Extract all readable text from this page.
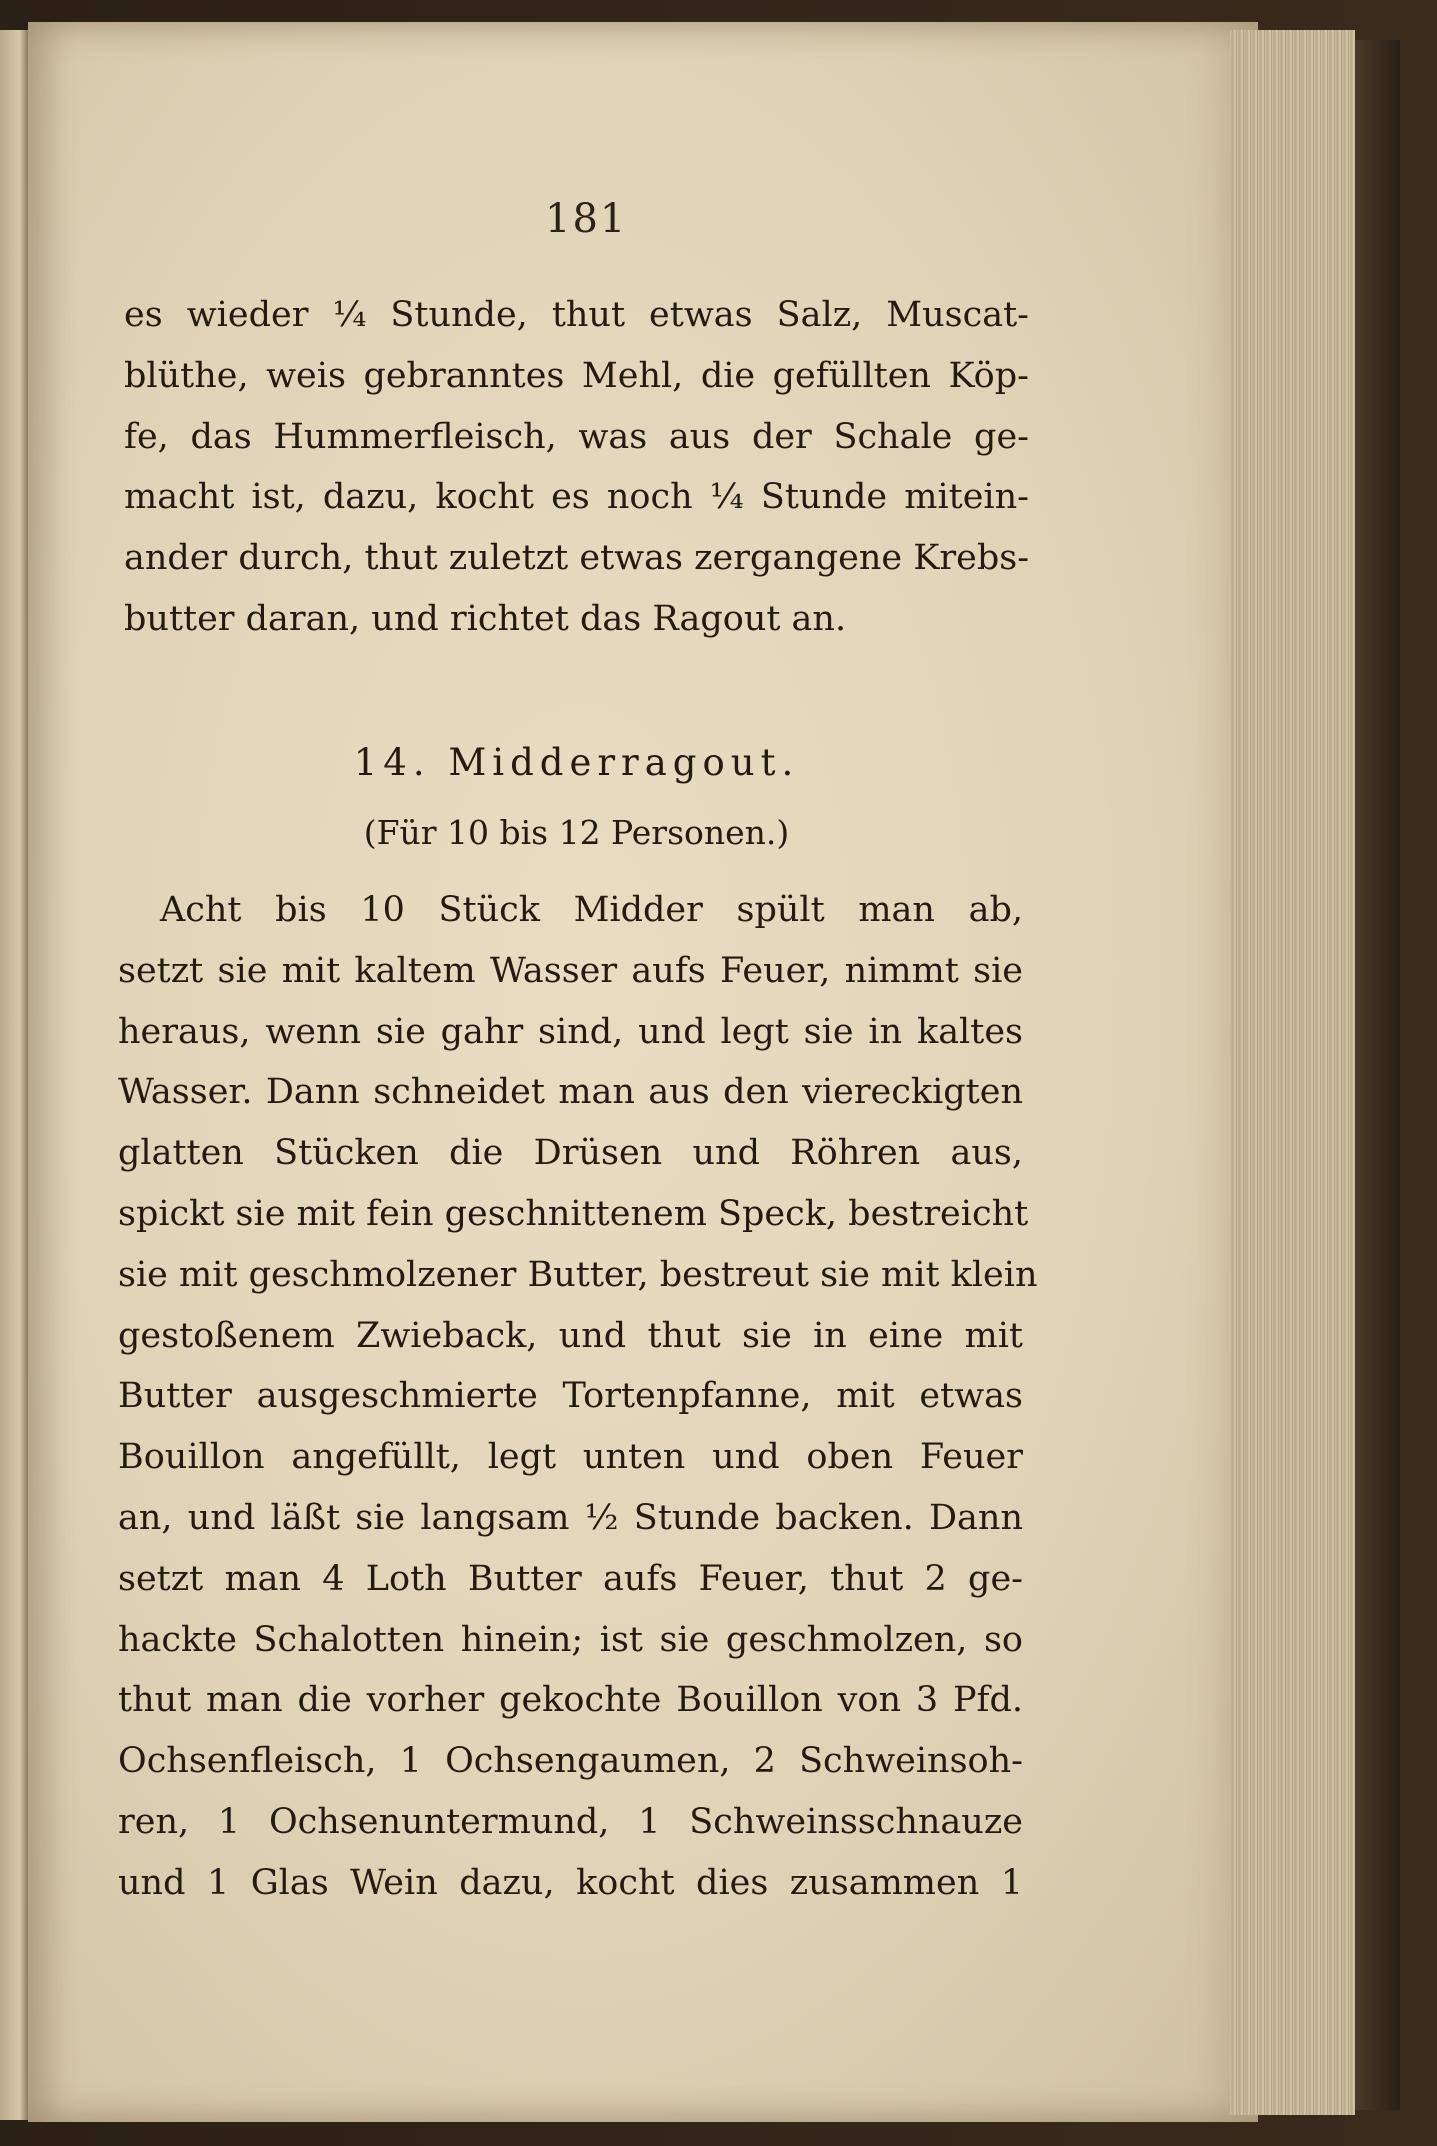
181
es wieder ¼ Stunde, thut etwas Salz, Muscat-
blüthe, weis gebranntes Mehl, die gefüllten Köp-
fe, das Hummerfleisch, was aus der Schale ge-
macht ist, dazu, kocht es noch ¼ Stunde mitein-
ander durch, thut zuletzt etwas zergangene Krebs-
butter daran, und richtet das Ragout an.
14. Midderragout.
(Für 10 bis 12 Personen.)
Acht bis 10 Stück Midder spült man ab,
setzt sie mit kaltem Wasser aufs Feuer, nimmt sie
heraus, wenn sie gahr sind, und legt sie in kaltes
Wasser. Dann schneidet man aus den viereckigten
glatten Stücken die Drüsen und Röhren aus,
spickt sie mit fein geschnittenem Speck, bestreicht
sie mit geschmolzener Butter, bestreut sie mit klein
gestoßenem Zwieback, und thut sie in eine mit
Butter ausgeschmierte Tortenpfanne, mit etwas
Bouillon angefüllt, legt unten und oben Feuer
an, und läßt sie langsam ½ Stunde backen. Dann
setzt man 4 Loth Butter aufs Feuer, thut 2 ge-
hackte Schalotten hinein; ist sie geschmolzen, so
thut man die vorher gekochte Bouillon von 3 Pfd.
Ochsenfleisch, 1 Ochsengaumen, 2 Schweinsoh-
ren, 1 Ochsenuntermund, 1 Schweinsschnauze
und 1 Glas Wein dazu, kocht dies zusammen 1
